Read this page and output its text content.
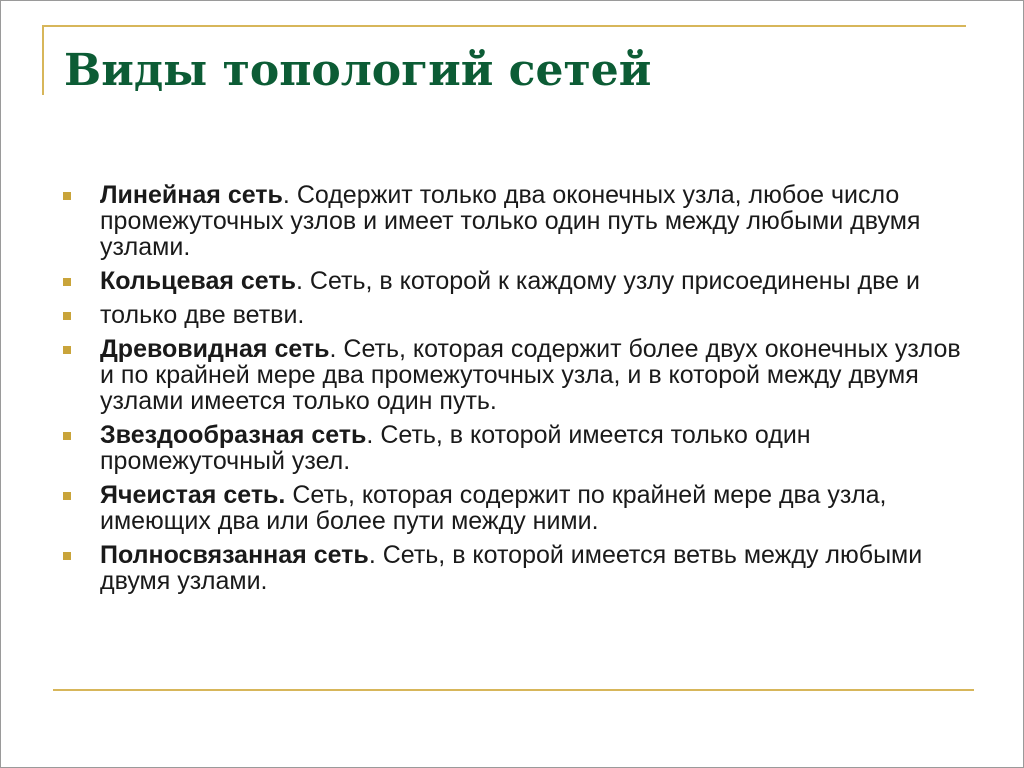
Виды топологий сетей
Линейная сеть. Содержит только два оконечных узла, любое число промежуточных узлов и имеет только один путь между любыми двумя узлами.
Кольцевая сеть. Сеть, в которой к каждому узлу присоединены две и
только две ветви.
Древовидная сеть. Сеть, которая содержит более двух оконечных узлов и по крайней мере два промежуточных узла, и в которой между двумя узлами имеется только один путь.
Звездообразная сеть. Сеть, в которой имеется только один промежуточный узел.
Ячеистая сеть. Сеть, которая содержит по крайней мере два узла, имеющих два или более пути между ними.
Полносвязанная сеть. Сеть, в которой имеется ветвь между любыми двумя узлами.
